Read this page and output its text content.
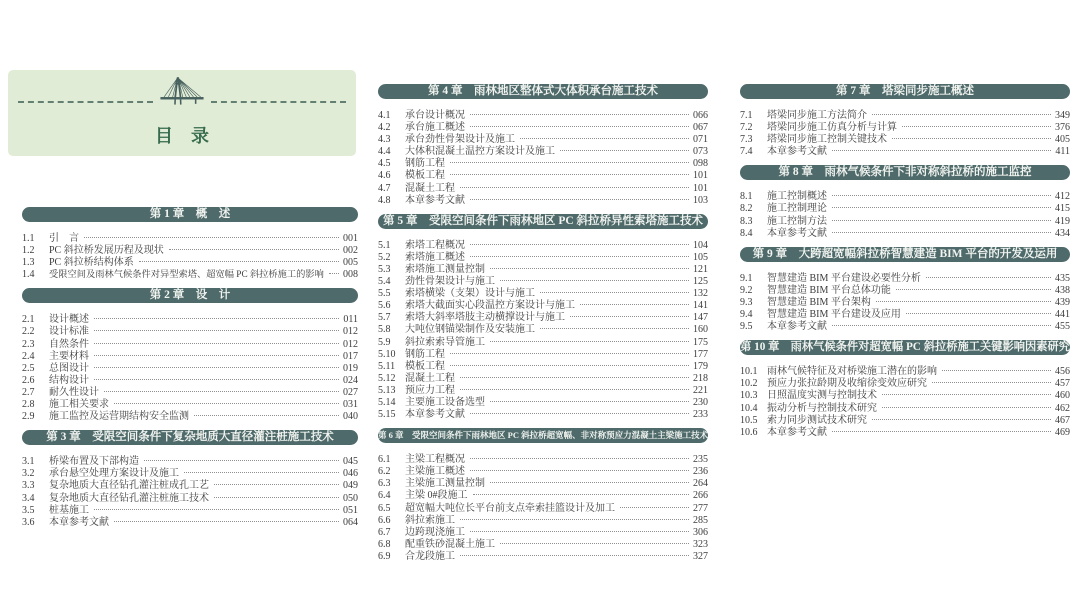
目　录
第 1 章　概　述
1.1	引　言	001
1.2	PC 斜拉桥发展历程及现状	002
1.3	PC 斜拉桥结构体系	005
1.4	受限空间及雨林气候条件对异型索塔、超宽幅 PC 斜拉桥施工的影响 008
第 2 章　设　计
2.1	设计概述	011
2.2	设计标准	012
2.3	自然条件	012
2.4	主要材料	017
2.5	总图设计	019
2.6	结构设计	024
2.7	耐久性设计	027
2.8	施工相关要求	031
2.9	施工监控及运营期结构安全监测	040
第 3 章　受限空间条件下复杂地质大直径灌注桩施工技术
3.1	桥梁布置及下部构造	045
3.2	承台悬空处理方案设计及施工	046
3.3	复杂地质大直径钻孔灌注桩成孔工艺	049
3.4	复杂地质大直径钻孔灌注桩施工技术	050
3.5	桩基施工	051
3.6	本章参考文献	064
第 4 章　雨林地区整体式大体积承台施工技术
4.1	承台设计概况	066
4.2	承台施工概述	067
4.3	承台劲性骨架设计及施工	071
4.4	大体积混凝土温控方案设计及施工	073
4.5	钢筋工程	098
4.6	模板工程	101
4.7	混凝土工程	101
4.8	本章参考文献	103
第 5 章　受限空间条件下雨林地区 PC 斜拉桥异性索塔施工技术
5.1	索塔工程概况	104
5.2	索塔施工概述	105
5.3	索塔施工测量控制	121
5.4	劲性骨架设计与施工	125
5.5	索塔横梁（支架）设计与施工	132
5.6	索塔大截面实心段温控方案设计与施工	141
5.7	索塔大斜率塔肢主动横撑设计与施工	147
5.8	大吨位钢锚梁制作及安装施工	160
5.9	斜拉索索导管施工	175
5.10 钢筋工程	177
5.11 模板工程	179
5.12 混凝土工程	218
5.13 预应力工程	221
5.14 主要施工设备选型	230
5.15 本章参考文献	233
第 6 章　受限空间条件下雨林地区 PC 斜拉桥超宽幅、非对称预应力混凝土主梁施工技术
6.1	主梁工程概况	235
6.2	主梁施工概述	236
6.3	主梁施工测量控制	264
6.4	主梁 0#段施工	266
6.5	超宽幅大吨位长平台前支点牵索挂篮设计及加工	277
6.6	斜拉索施工	285
6.7	边跨现浇施工	306
6.8	配重铁砂混凝土施工	323
6.9	合龙段施工	327
第 7 章　塔梁同步施工概述
7.1	塔梁同步施工方法简介	349
7.2	塔梁同步施工仿真分析与计算	376
7.3	塔梁同步施工控制关键技术	405
7.4	本章参考文献	411
第 8 章　雨林气候条件下非对称斜拉桥的施工监控
8.1	施工控制概述	412
8.2	施工控制理论	415
8.3	施工控制方法	419
8.4	本章参考文献	434
第 9 章　大跨超宽幅斜拉桥智慧建造 BIM 平台的开发及运用
9.1	智慧建造 BIM 平台建设必要性分析	435
9.2	智慧建造 BIM 平台总体功能	438
9.3	智慧建造 BIM 平台架构	439
9.4	智慧建造 BIM 平台建设及应用	441
9.5	本章参考文献	455
第 10 章　雨林气候条件对超宽幅 PC 斜拉桥施工关键影响因素研究
10.1 雨林气候特征及对桥梁施工潜在的影响	456
10.2 预应力张拉龄期及收缩徐变效应研究	457
10.3 日照温度实测与控制技术	460
10.4 振动分析与控制技术研究	462
10.5 索力同步测试技术研究	467
10.6 本章参考文献	469
